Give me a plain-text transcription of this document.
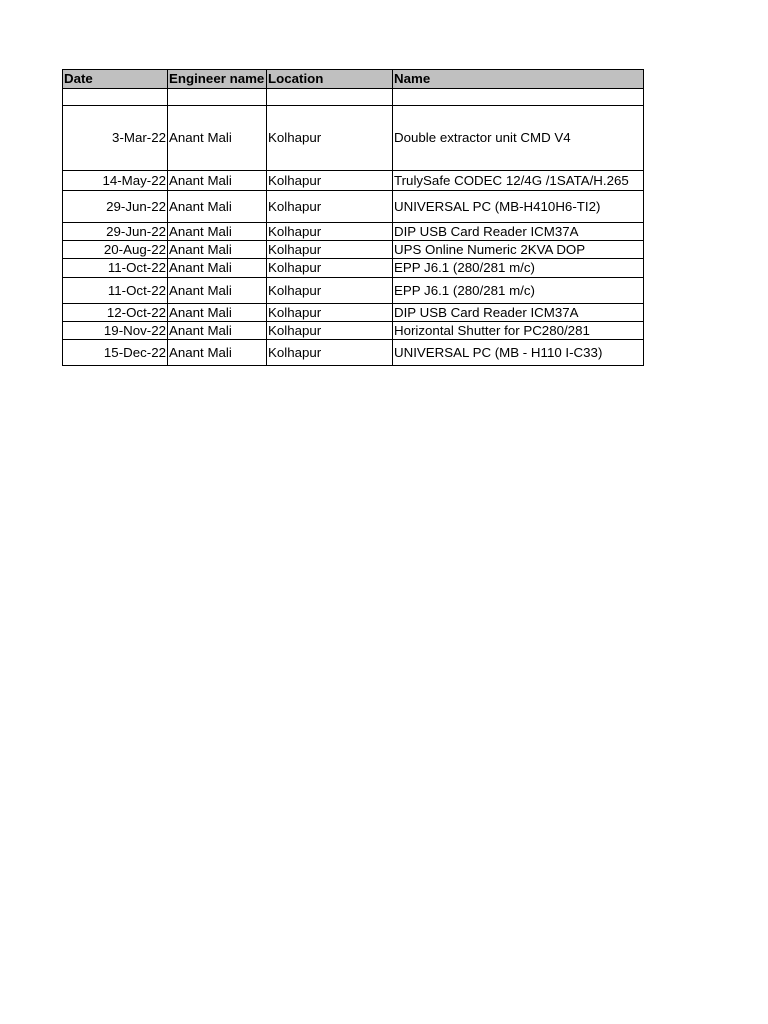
Date	Engineer name	Location	Name

3-Mar-22	Anant Mali	Kolhapur	Double extractor unit CMD V4
14-May-22	Anant Mali	Kolhapur	TrulySafe CODEC 12/4G /1SATA/H.265
29-Jun-22	Anant Mali	Kolhapur	UNIVERSAL PC (MB-H410H6-TI2)
29-Jun-22	Anant Mali	Kolhapur	DIP USB Card Reader ICM37A
20-Aug-22	Anant Mali	Kolhapur	UPS Online Numeric 2KVA DOP
11-Oct-22	Anant Mali	Kolhapur	EPP J6.1 (280/281 m/c)
11-Oct-22	Anant Mali	Kolhapur	EPP J6.1 (280/281 m/c)
12-Oct-22	Anant Mali	Kolhapur	DIP USB Card Reader ICM37A
19-Nov-22	Anant Mali	Kolhapur	Horizontal Shutter for PC280/281
15-Dec-22	Anant Mali	Kolhapur	UNIVERSAL PC (MB - H110 I-C33)
